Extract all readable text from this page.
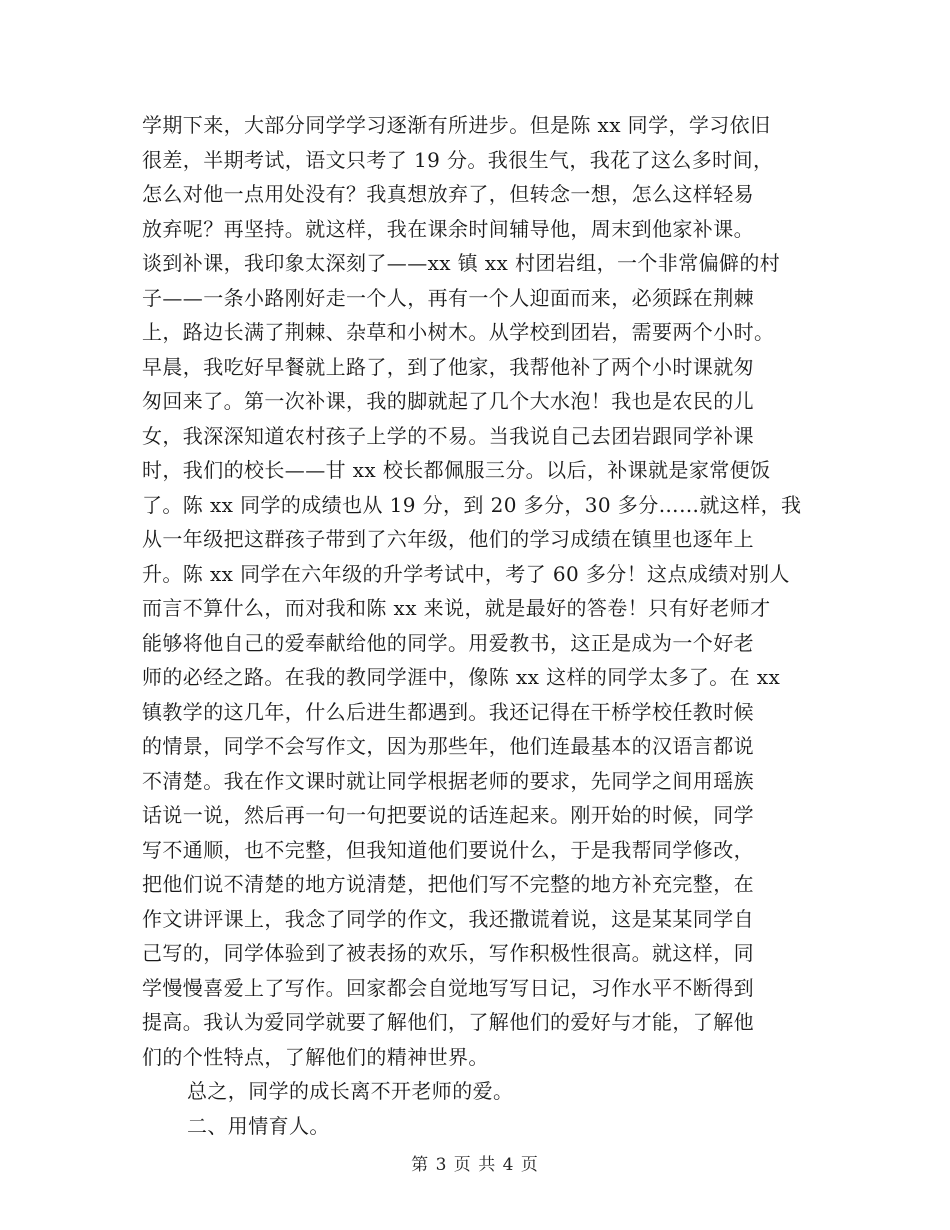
学期下来，大部分同学学习逐渐有所进步。但是陈 xx 同学，学习依旧
很差，半期考试，语文只考了 19 分。我很生气，我花了这么多时间，
怎么对他一点用处没有？我真想放弃了，但转念一想，怎么这样轻易
放弃呢？再坚持。就这样，我在课余时间辅导他，周末到他家补课。
谈到补课，我印象太深刻了——xx 镇 xx 村团岩组，一个非常偏僻的村
子——一条小路刚好走一个人，再有一个人迎面而来，必须踩在荆棘
上，路边长满了荆棘、杂草和小树木。从学校到团岩，需要两个小时。
早晨，我吃好早餐就上路了，到了他家，我帮他补了两个小时课就匆
匆回来了。第一次补课，我的脚就起了几个大水泡！我也是农民的儿
女，我深深知道农村孩子上学的不易。当我说自己去团岩跟同学补课
时，我们的校长——甘 xx 校长都佩服三分。以后，补课就是家常便饭
了。陈 xx 同学的成绩也从 19 分，到 20 多分，30 多分……就这样，我
从一年级把这群孩子带到了六年级，他们的学习成绩在镇里也逐年上
升。陈 xx 同学在六年级的升学考试中，考了 60 多分！这点成绩对别人
而言不算什么，而对我和陈 xx 来说，就是最好的答卷！只有好老师才
能够将他自己的爱奉献给他的同学。用爱教书，这正是成为一个好老
师的必经之路。在我的教同学涯中，像陈 xx 这样的同学太多了。在 xx
镇教学的这几年，什么后进生都遇到。我还记得在干桥学校任教时候
的情景，同学不会写作文，因为那些年，他们连最基本的汉语言都说
不清楚。我在作文课时就让同学根据老师的要求，先同学之间用瑶族
话说一说，然后再一句一句把要说的话连起来。刚开始的时候，同学
写不通顺，也不完整，但我知道他们要说什么，于是我帮同学修改，
把他们说不清楚的地方说清楚，把他们写不完整的地方补充完整，在
作文讲评课上，我念了同学的作文，我还撒谎着说，这是某某同学自
己写的，同学体验到了被表扬的欢乐，写作积极性很高。就这样，同
学慢慢喜爱上了写作。回家都会自觉地写写日记，习作水平不断得到
提高。我认为爱同学就要了解他们，了解他们的爱好与才能，了解他
们的个性特点，了解他们的精神世界。
总之，同学的成长离不开老师的爱。
二、用情育人。
第 3 页 共 4 页
